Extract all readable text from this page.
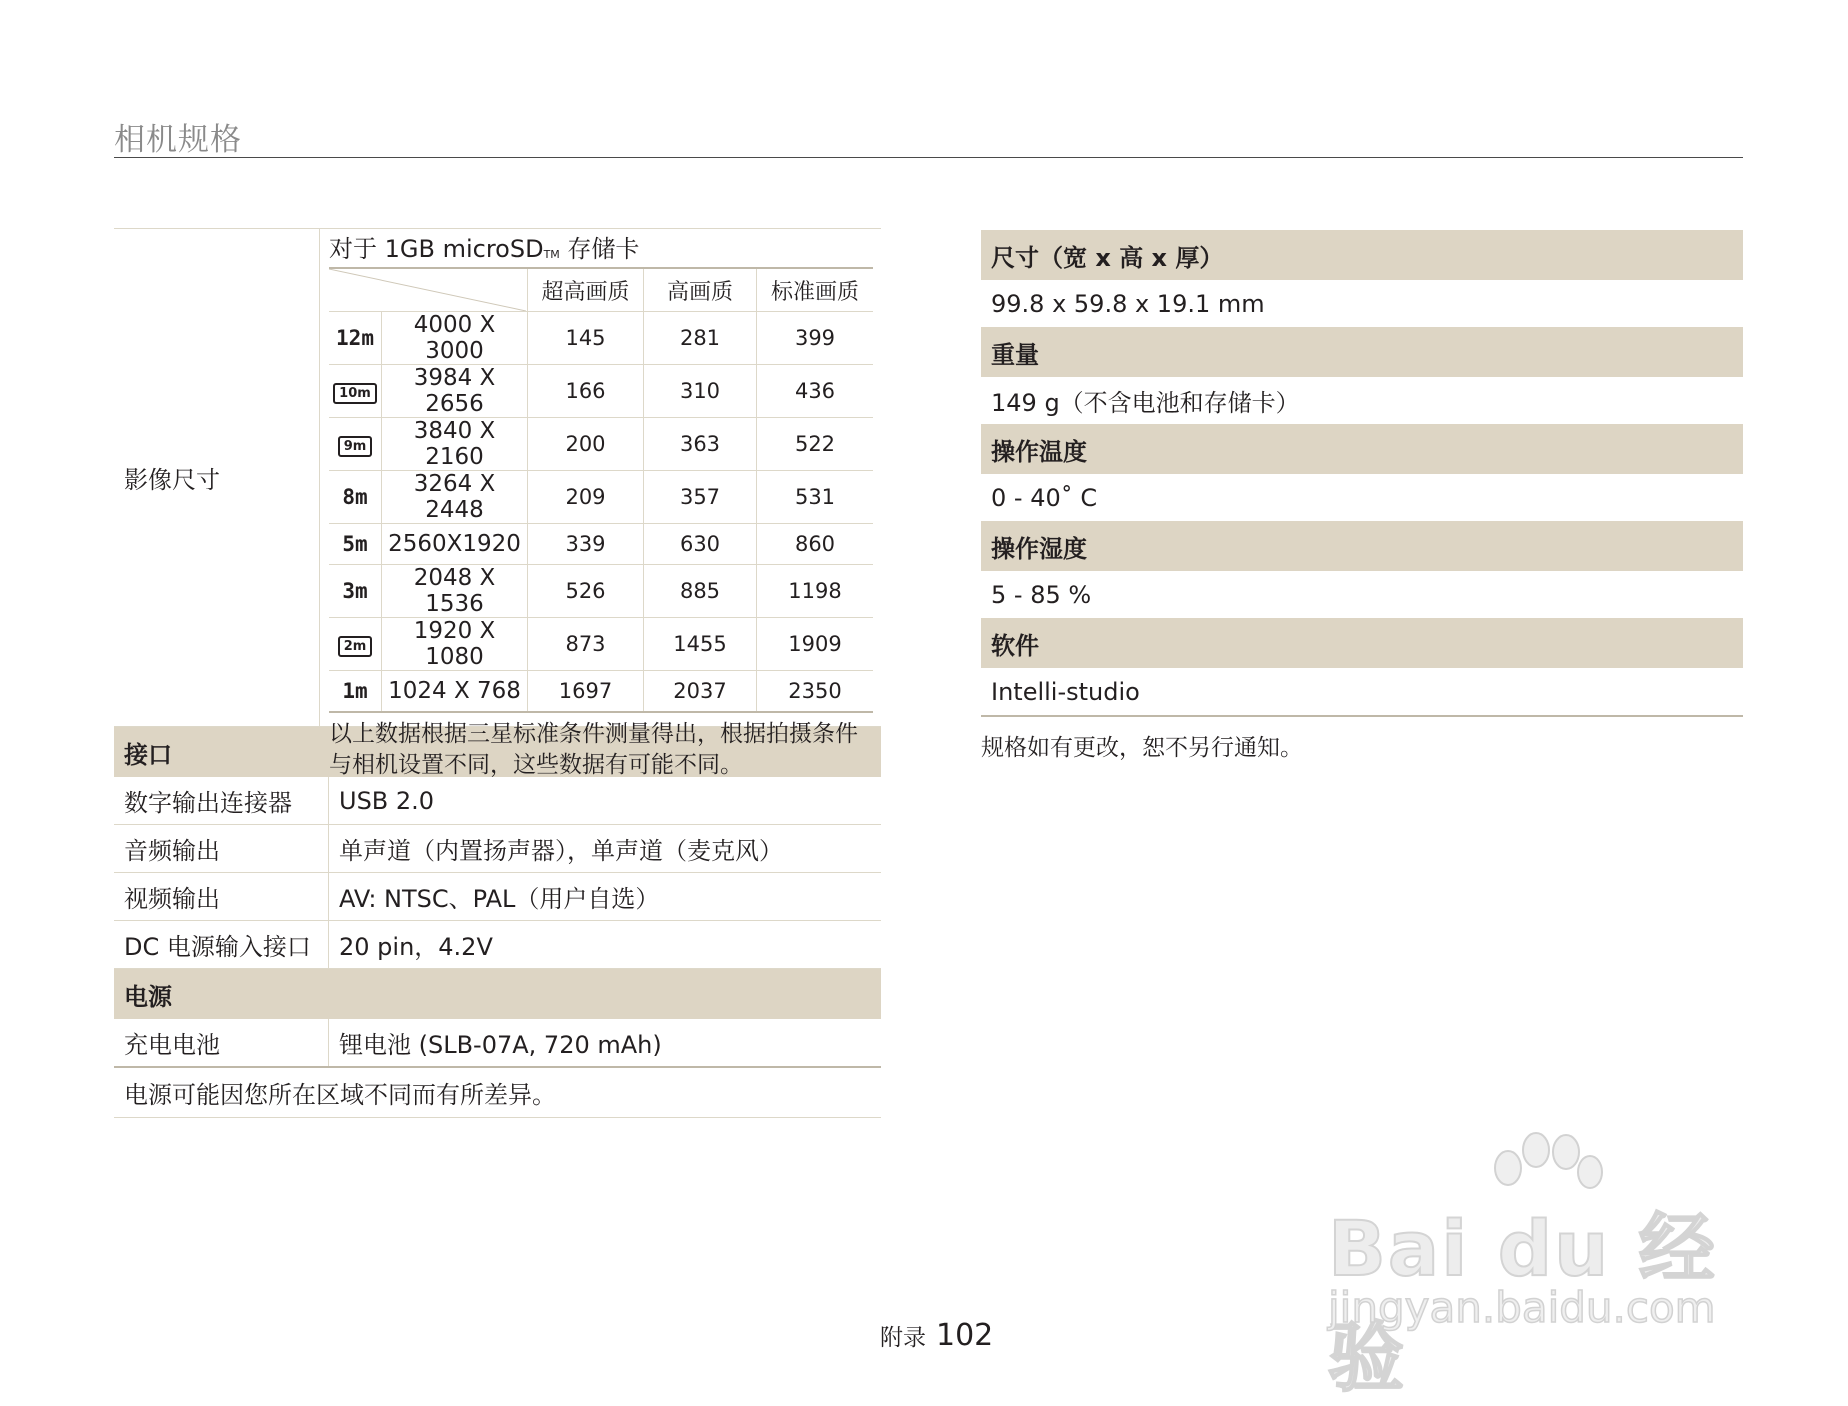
相机规格
影像尺寸
对于 1GB microSD™ 存储卡
	超高画质	高画质	标准画质
12m	4000 X 3000	145	281	399
10m	3984 X 2656	166	310	436
9m	3840 X 2160	200	363	522
8m	3264 X 2448	209	357	531
5m	2560X1920	339	630	860
3m	2048 X 1536	526	885	1198
2m	1920 X 1080	873	1455	1909
1m	1024 X 768	1697	2037	2350
以上数据根据三星标准条件测量得出，根据拍摄条件与相机设置不同，这些数据有可能不同。
接口
数字输出连接器	USB 2.0
音频输出	单声道（内置扬声器），单声道（麦克风）
视频输出	AV: NTSC、PAL（用户自选）
DC 电源输入接口	20 pin，4.2V
电源
充电电池	锂电池 (SLB-07A, 720 mAh)
电源可能因您所在区域不同而有所差异。
尺寸（宽 x 高 x 厚）
99.8 x 59.8 x 19.1 mm
重量
149 g（不含电池和存储卡）
操作温度
0 - 40˚ C
操作湿度
5 - 85 %
软件
Intelli-studio
规格如有更改，恕不另行通知。
附录 102
Bai du 经验
jingyan.baidu.com
